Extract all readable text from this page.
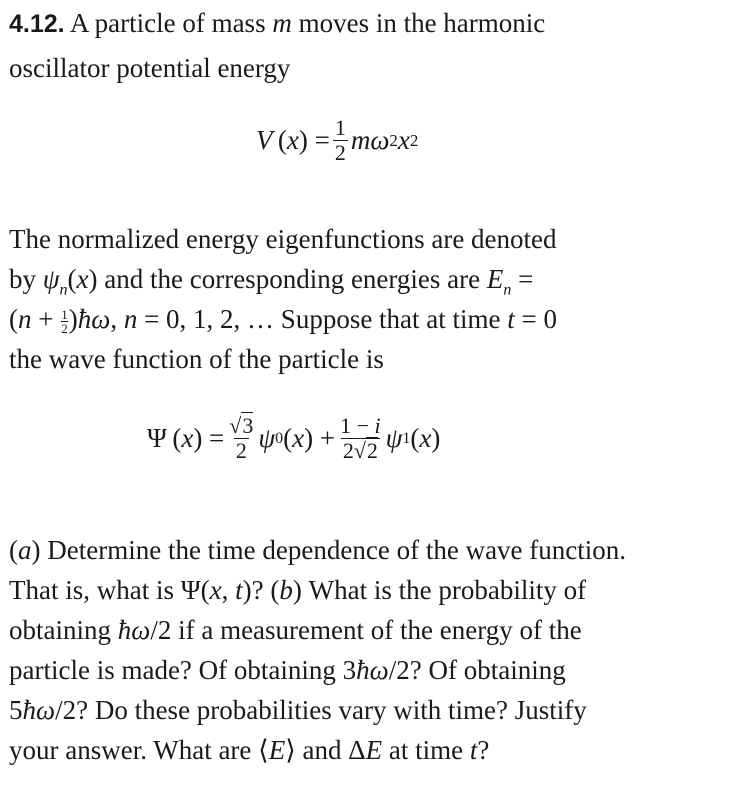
4.12. A particle of mass m moves in the harmonic
oscillator potential energy
V  ( x ) = $\frac{1}{2}$ mω 2 x 2
The normalized energy eigenfunctions are denoted
by $\psi_n(x)$ and the corresponding energies are $E_n$ =
($n + \frac{1}{2}$ )ħω, n = 0, 1, 2, … Suppose that at time t = 0
the wave function of the particle is
Ψ ( x ) = $\frac{√3}{2}$ ψ 0 ( x ) + $\frac{1 - i}{2√2}$ ψ 1 ( x )
(a) Determine the time dependence of the wave function.
That is, what is Ψ(x, t)? (b) What is the probability of
obtaining ħω/2 if a measurement of the energy of the
particle is made? Of obtaining 3ħω/2? Of obtaining
5ħω/2? Do these probabilities vary with time? Justify
your answer. What are ⟨E⟩ and ΔE at time t?
